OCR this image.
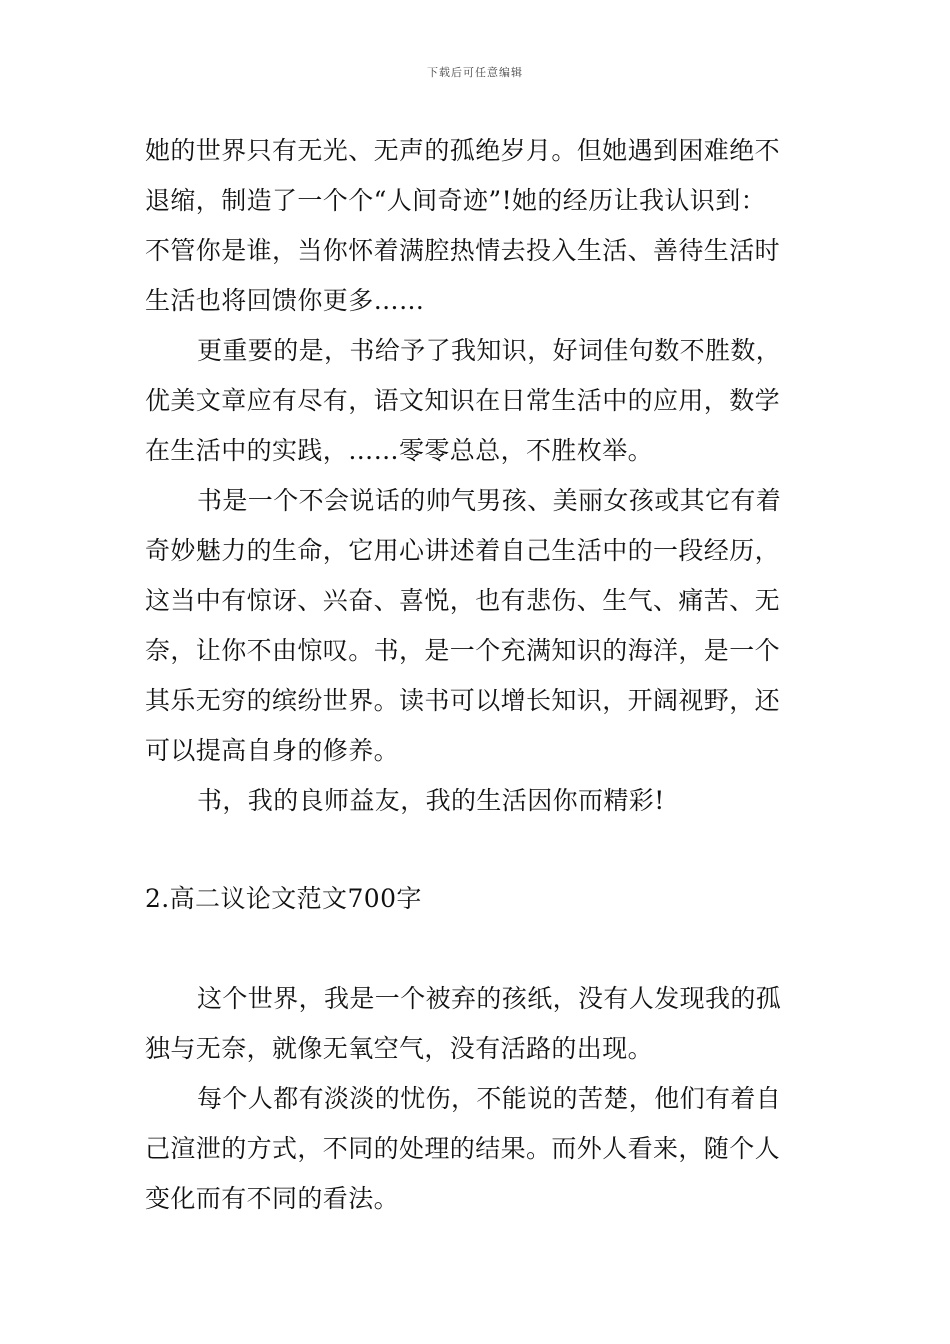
下载后可任意编辑
她的世界只有无光、无声的孤绝岁月。但她遇到困难绝不
退缩，制造了一个个“人间奇迹”!她的经历让我认识到：
不管你是谁，当你怀着满腔热情去投入生活、善待生活时
生活也将回馈你更多……
更重要的是，书给予了我知识，好词佳句数不胜数，
优美文章应有尽有，语文知识在日常生活中的应用，数学
在生活中的实践，……零零总总，不胜枚举。
书是一个不会说话的帅气男孩、美丽女孩或其它有着
奇妙魅力的生命，它用心讲述着自己生活中的一段经历，
这当中有惊讶、兴奋、喜悦，也有悲伤、生气、痛苦、无
奈，让你不由惊叹。书，是一个充满知识的海洋，是一个
其乐无穷的缤纷世界。读书可以增长知识，开阔视野，还
可以提高自身的修养。
书，我的良师益友，我的生活因你而精彩!
2.高二议论文范文700字
这个世界，我是一个被弃的孩纸，没有人发现我的孤
独与无奈，就像无氧空气，没有活路的出现。
每个人都有淡淡的忧伤，不能说的苦楚，他们有着自
己渲泄的方式，不同的处理的结果。而外人看来，随个人
变化而有不同的看法。
